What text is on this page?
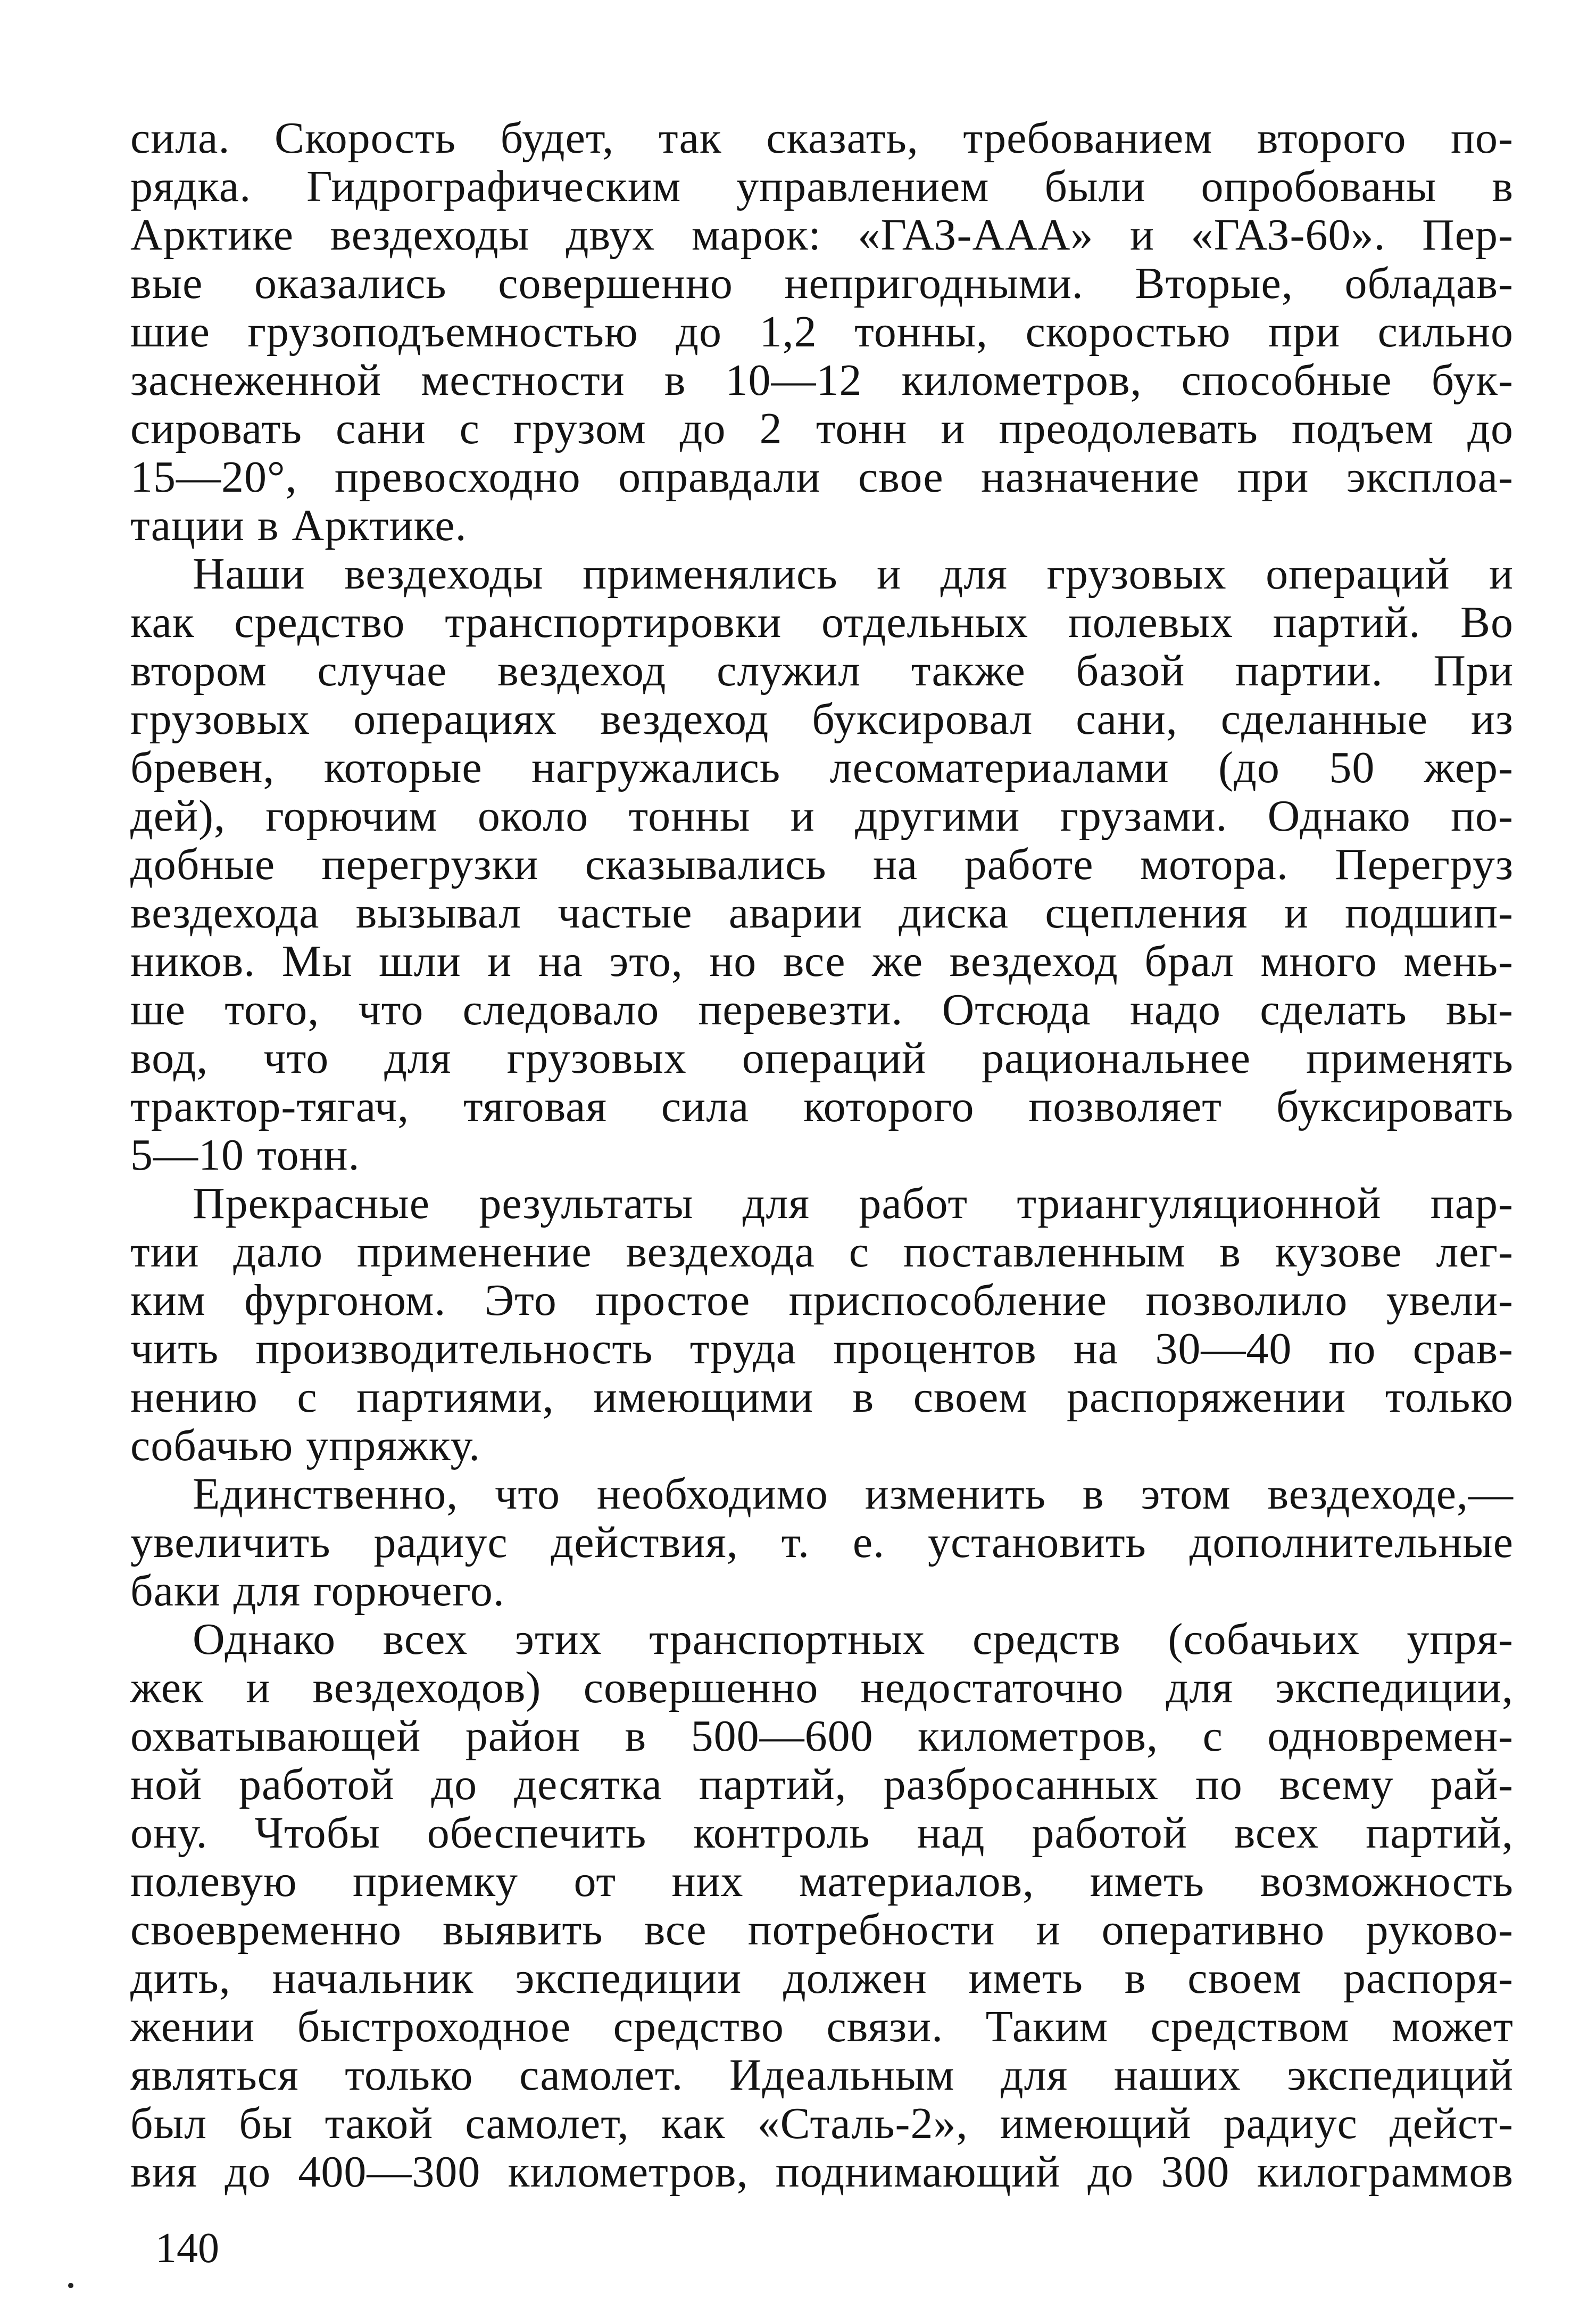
сила. Скорость будет, так сказать, требованием второго по-
рядка. Гидрографическим управлением были опробованы в
Арктике вездеходы двух марок: «ГАЗ-ААА» и «ГАЗ-60». Пер-
вые оказались совершенно непригодными. Вторые, обладав-
шие грузоподъемностью до 1,2 тонны, скоростью при сильно
заснеженной местности в 10—12 километров, способные бук-
сировать сани с грузом до 2 тонн и преодолевать подъем до
15—20°, превосходно оправдали свое назначение при эксплоа-
тации в Арктике.
Наши вездеходы применялись и для грузовых операций и
как средство транспортировки отдельных полевых партий. Во
втором случае вездеход служил также базой партии. При
грузовых операциях вездеход буксировал сани, сделанные из
бревен, которые нагружались лесоматериалами (до 50 жер-
дей), горючим около тонны и другими грузами. Однако по-
добные перегрузки сказывались на работе мотора. Перегруз
вездехода вызывал частые аварии диска сцепления и подшип-
ников. Мы шли и на это, но все же вездеход брал много мень-
ше того, что следовало перевезти. Отсюда надо сделать вы-
вод, что для грузовых операций рациональнее применять
трактор-тягач, тяговая сила которого позволяет буксировать
5—10 тонн.
Прекрасные результаты для работ триангуляционной пар-
тии дало применение вездехода с поставленным в кузове лег-
ким фургоном. Это простое приспособление позволило увели-
чить производительность труда процентов на 30—40 по срав-
нению с партиями, имеющими в своем распоряжении только
собачью упряжку.
Единственно, что необходимо изменить в этом вездеходе,—
увеличить радиус действия, т. е. установить дополнительные
баки для горючего.
Однако всех этих транспортных средств (собачьих упря-
жек и вездеходов) совершенно недостаточно для экспедиции,
охватывающей район в 500—600 километров, с одновремен-
ной работой до десятка партий, разбросанных по всему рай-
ону. Чтобы обеспечить контроль над работой всех партий,
полевую приемку от них материалов, иметь возможность
своевременно выявить все потребности и оперативно руково-
дить, начальник экспедиции должен иметь в своем распоря-
жении быстроходное средство связи. Таким средством может
являться только самолет. Идеальным для наших экспедиций
был бы такой самолет, как «Сталь-2», имеющий радиус дейст-
вия до 400—300 километров, поднимающий до 300 килограммов
140
